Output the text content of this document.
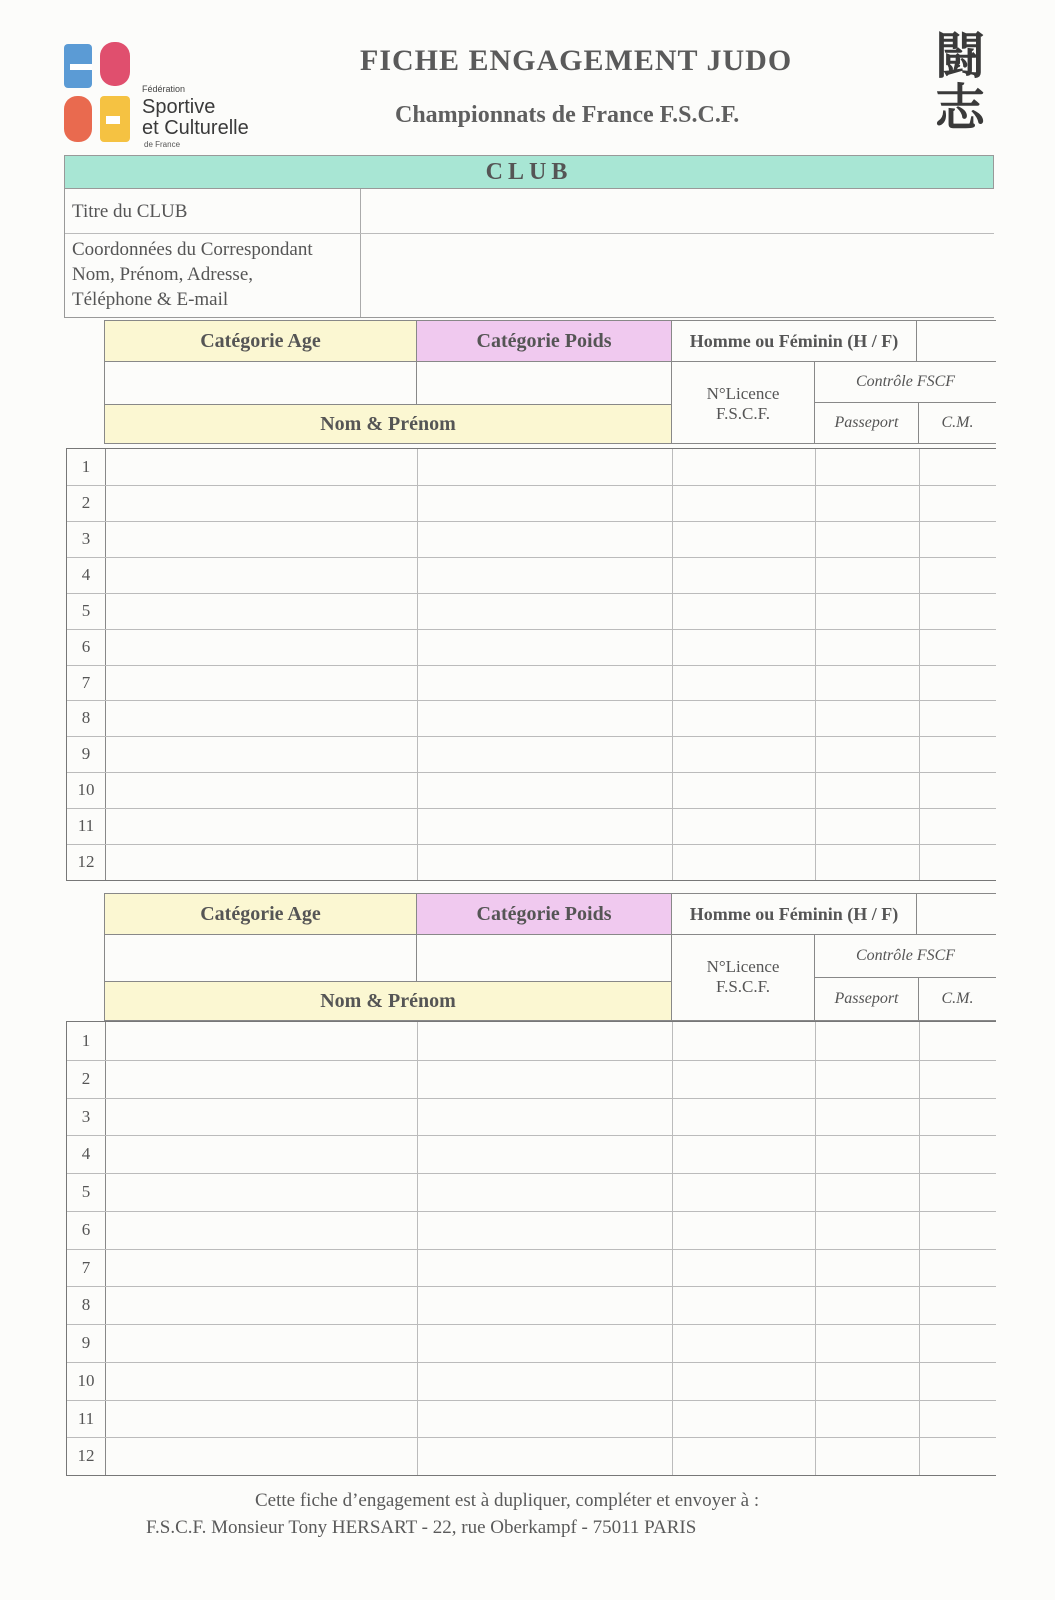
Fédération
Sportive
et Culturelle
de France
FICHE ENGAGEMENT JUDO
Championnats de France F.S.C.F.
闘志
CLUB
Titre du CLUB
Coordonnées du Correspondant
Nom, Prénom, Adresse,
Téléphone & E-mail
Catégorie Age	Catégorie Poids	Homme ou Féminin (H / F)
Nom & Prénom
N°Licence
F.S.C.F.
Contrôle FSCF
Passeport	C.M.
1
2
3
4
5
6
7
8
9
10
11
12
Catégorie Age	Catégorie Poids	Homme ou Féminin (H / F)
Nom & Prénom
N°Licence
F.S.C.F.
Contrôle FSCF
Passeport	C.M.
1
2
3
4
5
6
7
8
9
10
11
12
Cette fiche d’engagement est à dupliquer, compléter et envoyer à :
F.S.C.F. Monsieur Tony HERSART - 22, rue Oberkampf - 75011 PARIS
